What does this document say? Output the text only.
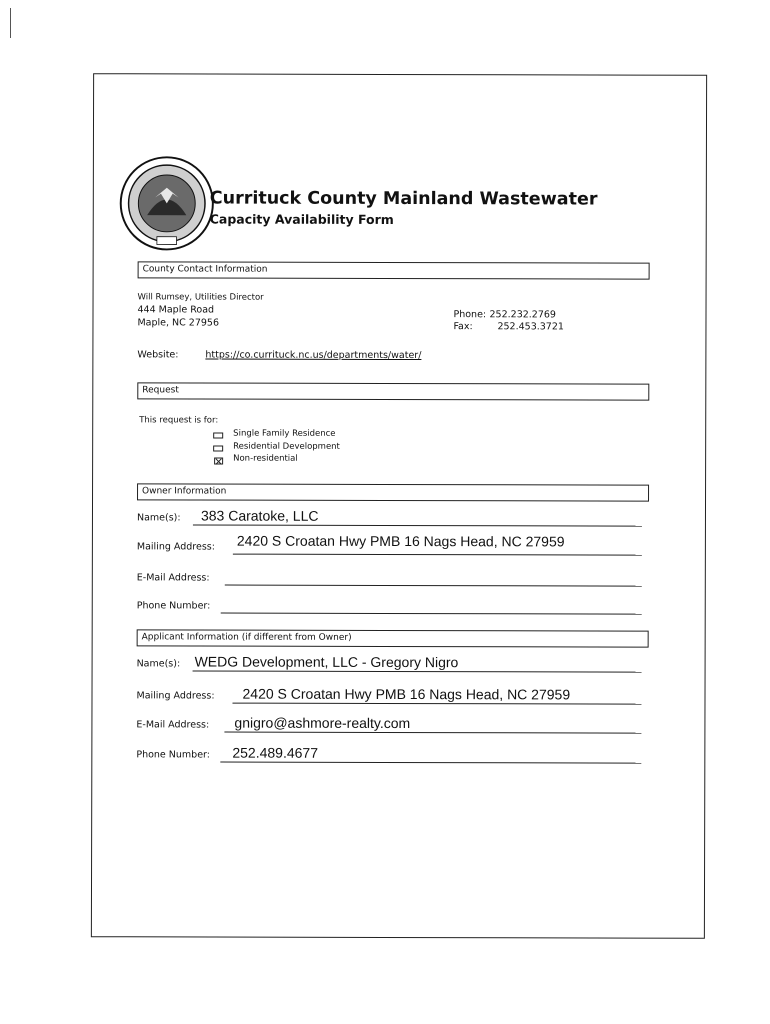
Currituck County Mainland Wastewater
Capacity Availability Form
County Contact Information
Will Rumsey, Utilities Director
444 Maple Road
Maple, NC 27956
Phone: 252.232.2769
Fax:	252.453.3721
Website:	https://co.currituck.nc.us/departments/water/
Request
This request is for:
Single Family Residence
Residential Development
Non-residential
Owner Information
Name(s): 383 Caratoke, LLC
Mailing Address: 2420 S Croatan Hwy PMB 16 Nags Head, NC 27959
E-Mail Address:
Phone Number:
Applicant Information (if different from Owner)
Name(s): WEDG Development, LLC - Gregory Nigro
Mailing Address: 2420 S Croatan Hwy PMB 16 Nags Head, NC 27959
E-Mail Address: gnigro@ashmore-realty.com
Phone Number: 252.489.4677
